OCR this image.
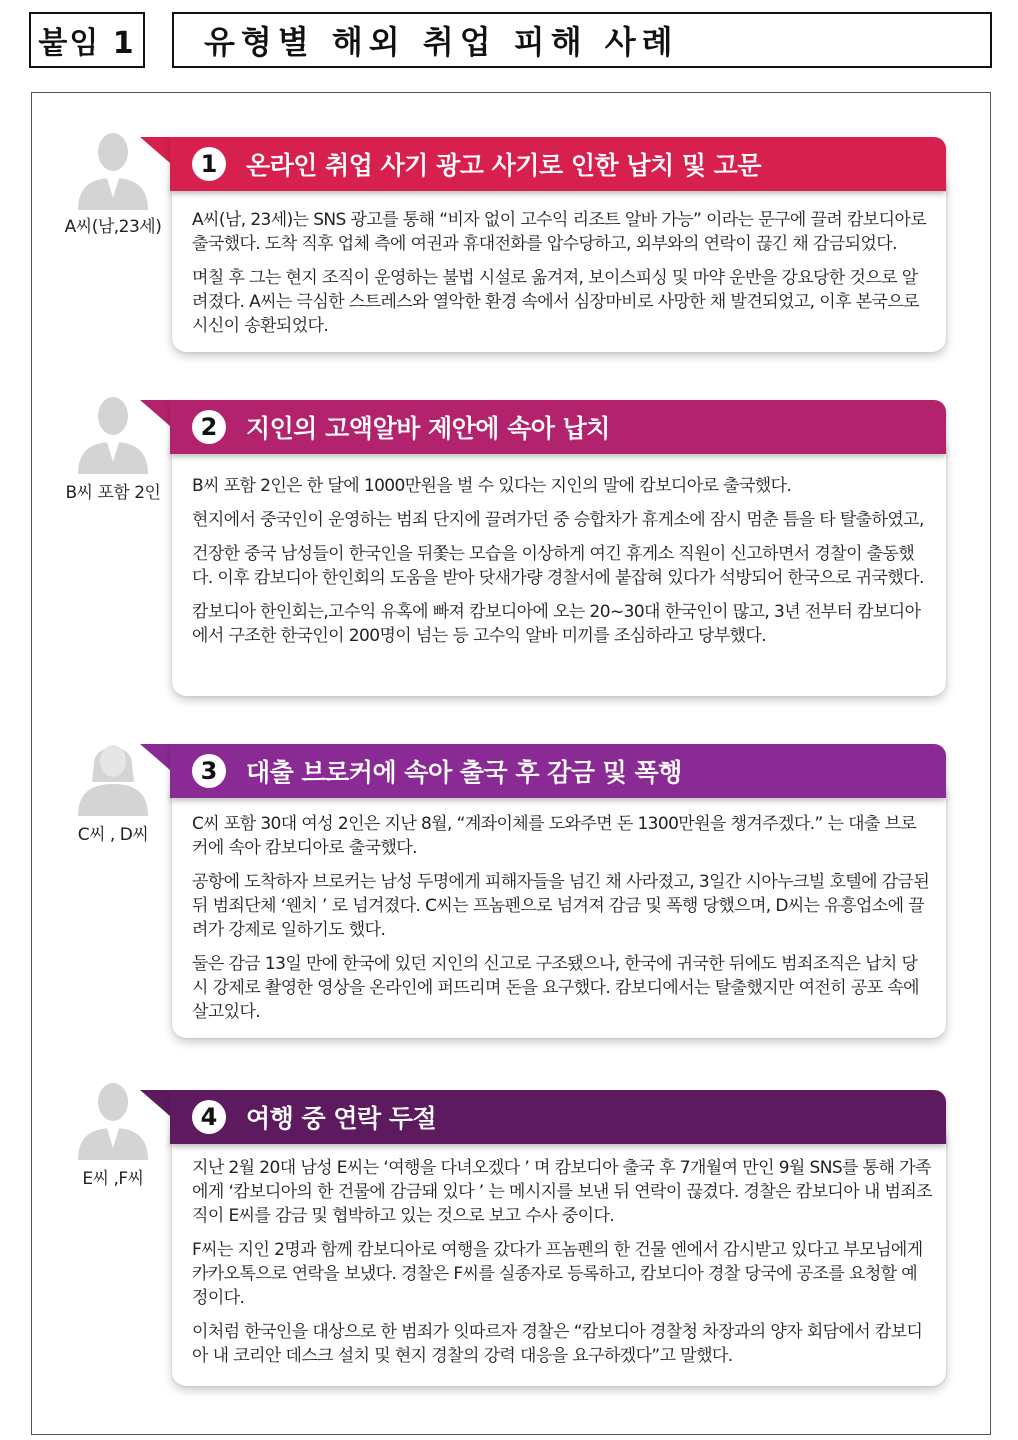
붙임 1	유형별 해외 취업 피해 사례
A씨(남,23세)
1	온라인 취업 사기 광고 사기로 인한 납치 및 고문

A씨(남, 23세)는 SNS 광고를 통해 “비자 없이 고수익 리조트 알바 가능” 이라는 문구에 끌려 캄보디아로 출국했다. 도착 직후 업체 측에 여권과 휴대전화를 압수당하고, 외부와의 연락이 끊긴 채 감금되었다.

며칠 후 그는 현지 조직이 운영하는 불법 시설로 옮겨져, 보이스피싱 및 마약 운반을 강요당한 것으로 알려졌다. A씨는 극심한 스트레스와 열악한 환경 속에서 심장마비로 사망한 채 발견되었고, 이후 본국으로 시신이 송환되었다.

B씨 포함 2인
2	지인의 고액알바 제안에 속아 납치

B씨 포함 2인은 한 달에 1000만원을 벌 수 있다는 지인의 말에 캄보디아로 출국했다.

현지에서 중국인이 운영하는 범죄 단지에 끌려가던 중 승합차가 휴게소에 잠시 멈춘 틈을 타 탈출하였고,

건장한 중국 남성들이 한국인을 뒤쫓는 모습을 이상하게 여긴 휴게소 직원이 신고하면서 경찰이 출동했다. 이후 캄보디아 한인회의 도움을 받아 닷새가량 경찰서에 붙잡혀 있다가 석방되어 한국으로 귀국했다.

캄보디아 한인회는,고수익 유혹에 빠져 캄보디아에 오는 20~30대 한국인이 많고, 3년 전부터 캄보디아에서 구조한 한국인이 200명이 넘는 등 고수익 알바 미끼를 조심하라고 당부했다.

C씨 , D씨
3	대출 브로커에 속아 출국 후 감금 및 폭행

C씨 포함 30대 여성 2인은 지난 8월, “계좌이체를 도와주면 돈 1300만원을 챙겨주겠다.” 는 대출 브로커에 속아 캄보디아로 출국했다.

공항에 도착하자 브로커는 남성 두명에게 피해자들을 넘긴 채 사라졌고, 3일간 시아누크빌 호텔에 감금된 뒤 범죄단체 ‘웬치 ’ 로 넘겨졌다. C씨는 프놈펜으로 넘겨져 감금 및 폭행 당했으며, D씨는 유흥업소에 끌려가 강제로 일하기도 했다.

둘은 감금 13일 만에 한국에 있던 지인의 신고로 구조됐으나, 한국에 귀국한 뒤에도 범죄조직은 납치 당시 강제로 촬영한 영상을 온라인에 퍼뜨리며 돈을 요구했다. 캄보디에서는 탈출했지만 여전히 공포 속에 살고있다.

E씨 ,F씨
4	여행 중 연락 두절

지난 2월 20대 남성 E씨는 ‘여행을 다녀오겠다 ’ 며 캄보디아 출국 후 7개월여 만인 9월 SNS를 통해 가족에게 ‘캄보디아의 한 건물에 감금돼 있다 ’ 는 메시지를 보낸 뒤 연락이 끊겼다. 경찰은 캄보디아 내 범죄조직이 E씨를 감금 및 협박하고 있는 것으로 보고 수사 중이다.

F씨는 지인 2명과 함께 캄보디아로 여행을 갔다가 프놈펜의 한 건물 엔에서 감시받고 있다고 부모님에게 카카오톡으로 연락을 보냈다. 경찰은 F씨를 실종자로 등록하고, 캄보디아 경찰 당국에 공조를 요청할 예정이다.

이처럼 한국인을 대상으로 한 범죄가 잇따르자 경찰은 “캄보디아 경찰청 차장과의 양자 회담에서 캄보디아 내 코리안 데스크 설치 및 현지 경찰의 강력 대응을 요구하겠다”고 말했다.
